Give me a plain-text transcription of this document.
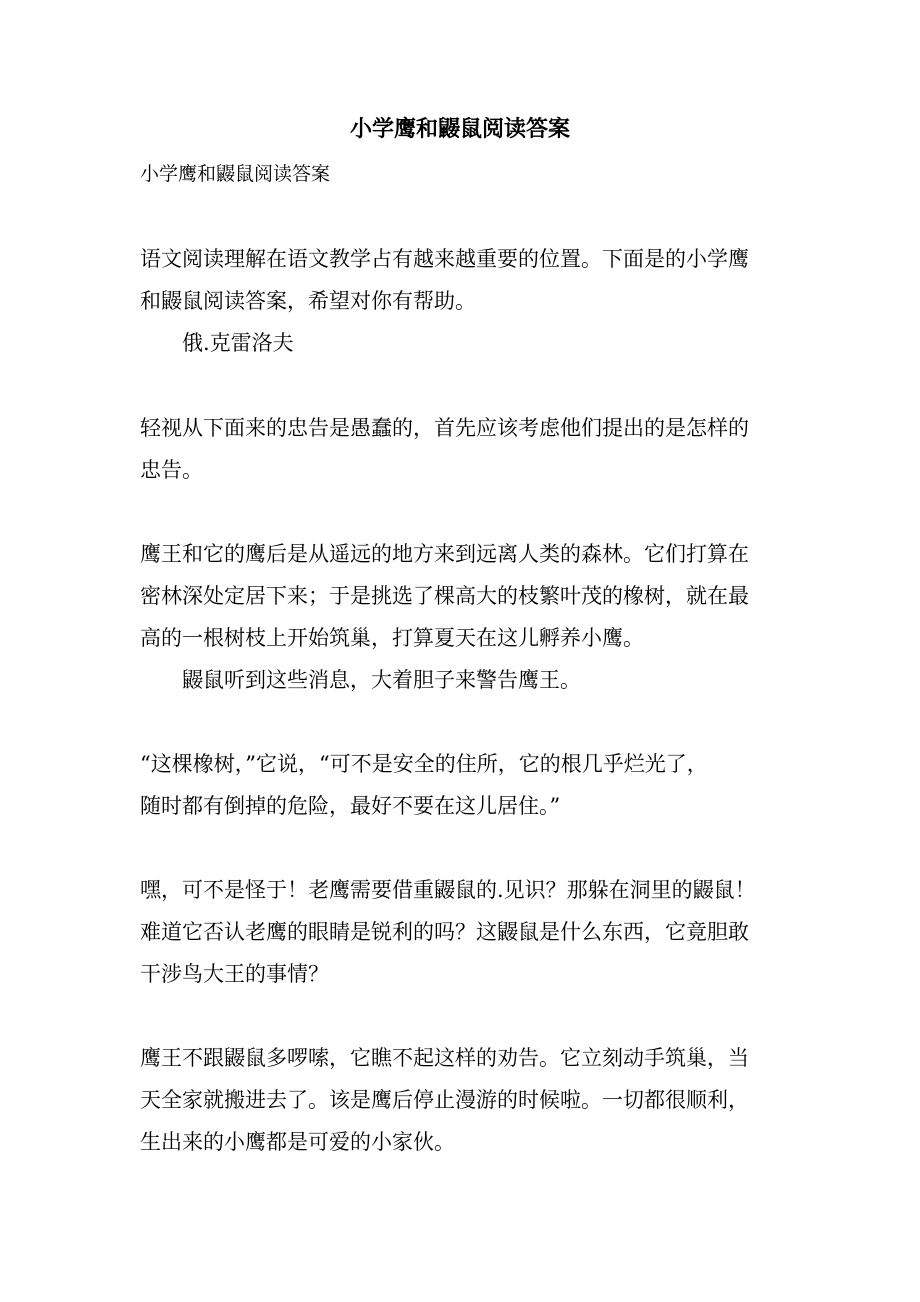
小学鹰和鼹鼠阅读答案

小学鹰和鼹鼠阅读答案

语文阅读理解在语文教学占有越来越重要的位置。下面是的小学鹰

和鼹鼠阅读答案，希望对你有帮助。

俄.克雷洛夫

轻视从下面来的忠告是愚蠢的，首先应该考虑他们提出的是怎样的

忠告。

鹰王和它的鹰后是从遥远的地方来到远离人类的森林。它们打算在

密林深处定居下来；于是挑选了棵高大的枝繁叶茂的橡树，就在最

高的一根树枝上开始筑巢，打算夏天在这儿孵养小鹰。

鼹鼠听到这些消息，大着胆子来警告鹰王。

“这棵橡树，”它说，“可不是安全的住所，它的根几乎烂光了，

随时都有倒掉的危险，最好不要在这儿居住。”

嘿，可不是怪于！老鹰需要借重鼹鼠的.见识？那躲在洞里的鼹鼠！

难道它否认老鹰的眼睛是锐利的吗？这鼹鼠是什么东西，它竟胆敢

干涉鸟大王的事情？

鹰王不跟鼹鼠多啰嗦，它瞧不起这样的劝告。它立刻动手筑巢，当

天全家就搬进去了。该是鹰后停止漫游的时候啦。一切都很顺利，

生出来的小鹰都是可爱的小家伙。
